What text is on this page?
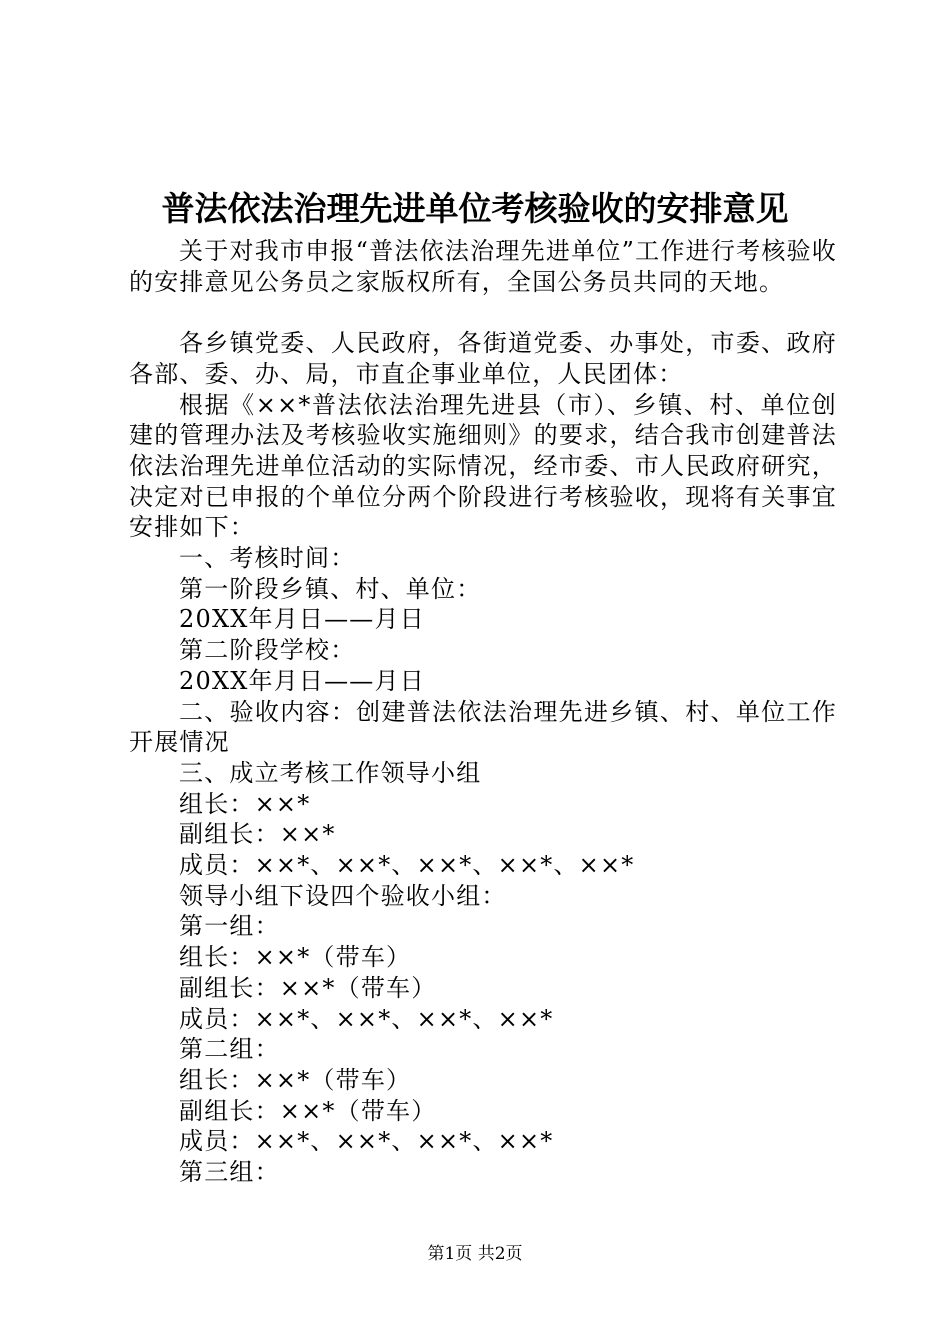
普法依法治理先进单位考核验收的安排意见

关于对我市申报“普法依法治理先进单位”工作进行考核验收的安排意见公务员之家版权所有，全国公务员共同的天地。

各乡镇党委、人民政府，各街道党委、办事处，市委、政府各部、委、办、局，市直企事业单位，人民团体：

根据《××*普法依法治理先进县（市）、乡镇、村、单位创建的管理办法及考核验收实施细则》的要求，结合我市创建普法依法治理先进单位活动的实际情况，经市委、市人民政府研究，决定对已申报的个单位分两个阶段进行考核验收，现将有关事宜安排如下：

一、考核时间：

第一阶段乡镇、村、单位：

20XX年月日——月日

第二阶段学校：

20XX年月日——月日

二、验收内容：创建普法依法治理先进乡镇、村、单位工作开展情况

三、成立考核工作领导小组

组长：××*

副组长：××*

成员：××*、××*、××*、××*、××*

领导小组下设四个验收小组：

第一组：

组长：××*（带车）

副组长：××*（带车）

成员：××*、××*、××*、××*

第二组：

组长：××*（带车）

副组长：××*（带车）

成员：××*、××*、××*、××*

第三组：

第1页 共2页
